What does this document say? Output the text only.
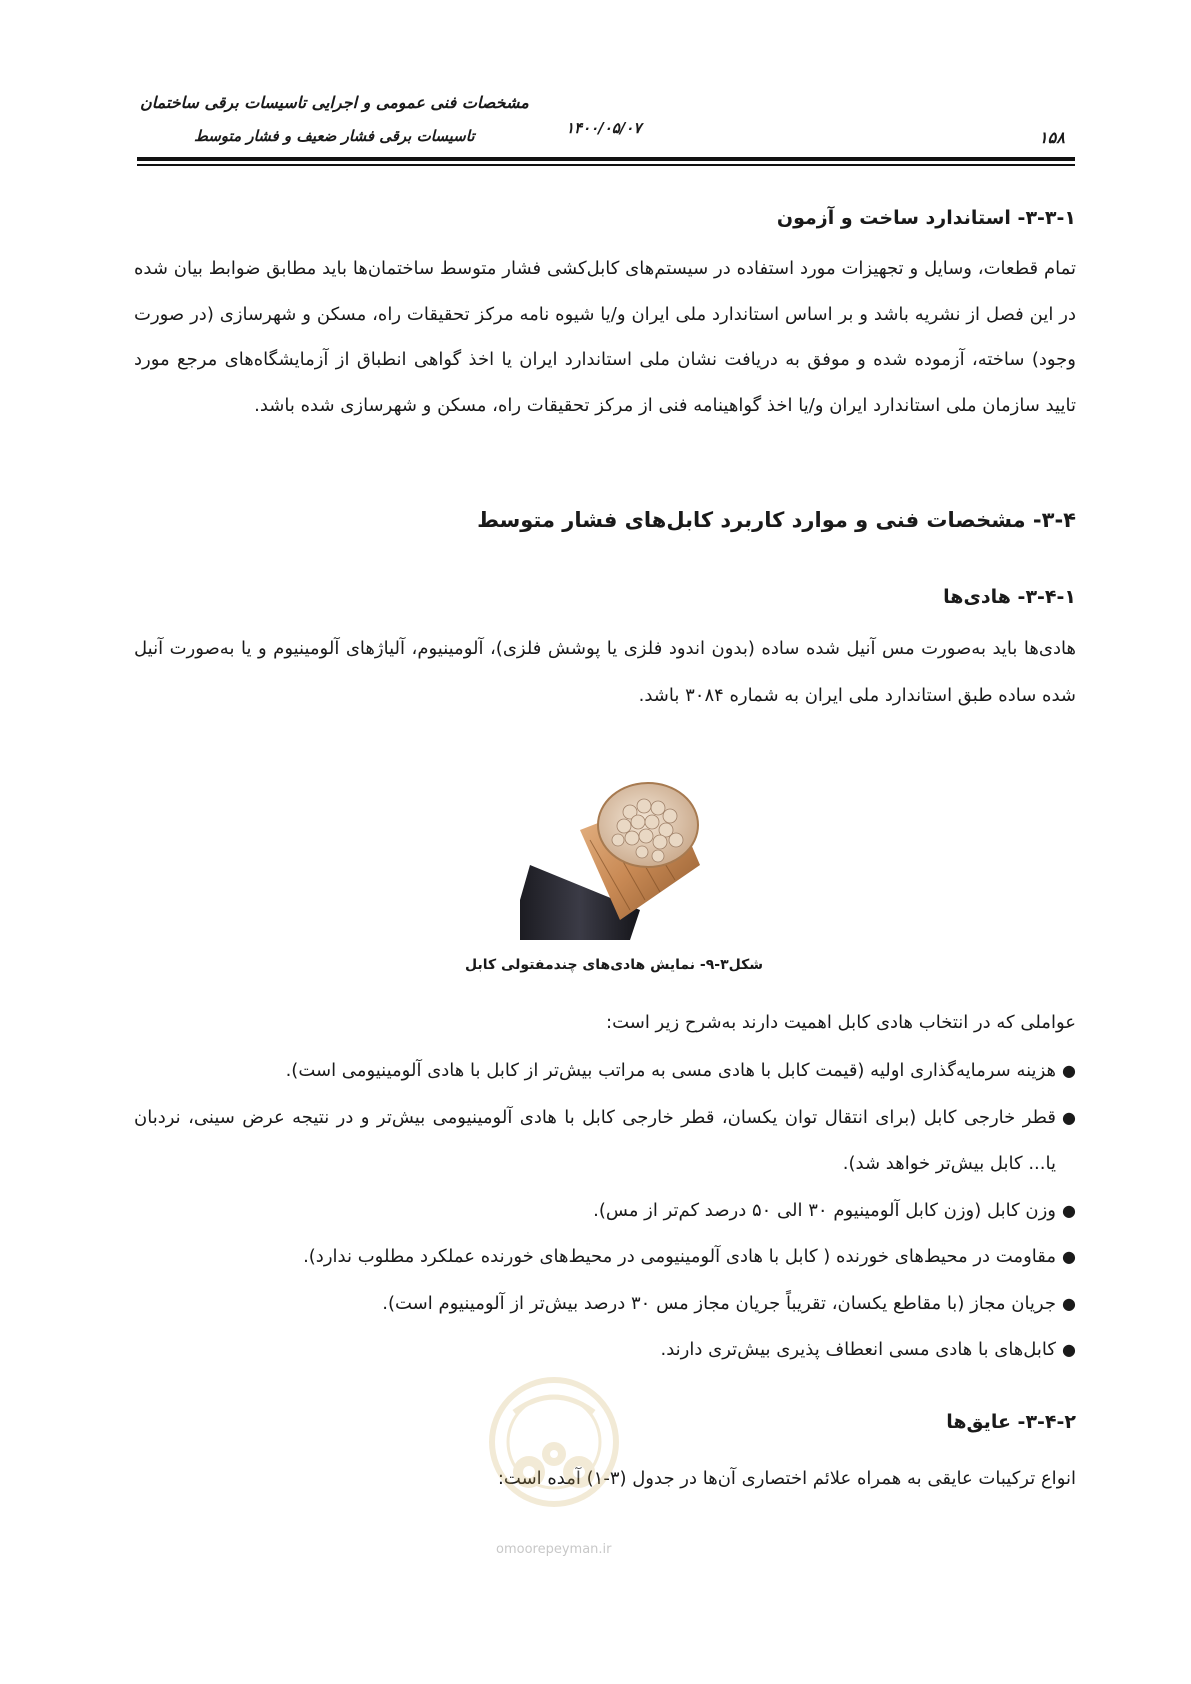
مشخصات فنی عمومی و اجرایی تاسیسات برقی ساختمان
تاسیسات برقی فشار ضعیف و فشار متوسط	۱۴۰۰/۰۵/۰۷	۱۵۸
۳-۳-۱- استاندارد ساخت و آزمون
تمام قطعات، وسایل و تجهیزات مورد استفاده در سیستم‌های کابل‌کشی فشار متوسط ساختمان‌ها باید مطابق ضوابط بیان شده در این فصل از نشریه باشد و بر اساس استاندارد ملی ایران و/یا شیوه نامه مرکز تحقیقات راه، مسکن و شهرسازی (در صورت وجود) ساخته، آزموده شده و موفق به دریافت نشان ملی استاندارد ایران یا اخذ گواهی انطباق از آزمایشگاه‌های مرجع مورد تایید سازمان ملی استاندارد ایران و/یا اخذ گواهینامه فنی از مرکز تحقیقات راه، مسکن و شهرسازی شده باشد.
۳-۴- مشخصات فنی و موارد کاربرد کابل‌های فشار متوسط
۳-۴-۱- هادی‌ها
هادی‌ها باید به‌صورت مس آنیل شده ساده (بدون اندود فلزی یا پوشش فلزی)، آلومینیوم، آلیاژهای آلومینیوم و یا به‌صورت آنیل شده ساده طبق استاندارد ملی ایران به شماره ۳۰۸۴ باشد.
شکل۳-۹- نمایش هادی‌های چندمفتولی کابل
عواملی که در انتخاب هادی کابل اهمیت دارند به‌شرح زیر است:
●
هزینه سرمایه‌گذاری اولیه (قیمت کابل با هادی مسی به مراتب بیش‌تر از کابل با هادی آلومینیومی است).
●
قطر خارجی کابل (برای انتقال توان یکسان، قطر خارجی کابل با هادی آلومینیومی بیش‌تر و در نتیجه عرض سینی، نردبان یا... کابل بیش‌تر خواهد شد).
●
وزن کابل (وزن کابل آلومینیوم ۳۰ الی ۵۰ درصد کم‌تر از مس).
●
مقاومت در محیط‌های خورنده ( کابل با هادی آلومینیومی در محیط‌های خورنده عملکرد مطلوب ندارد).
●
جریان مجاز (با مقاطع یکسان، تقریباً جریان مجاز مس ۳۰ درصد بیش‌تر از آلومینیوم است).
●
کابل‌های با هادی مسی انعطاف پذیری بیش‌تری دارند.
۳-۴-۲- عایق‌ها
انواع ترکیبات عایقی به همراه علائم اختصاری آن‌ها در جدول (۳-۱) آمده است:
omoorepeyman.ir
